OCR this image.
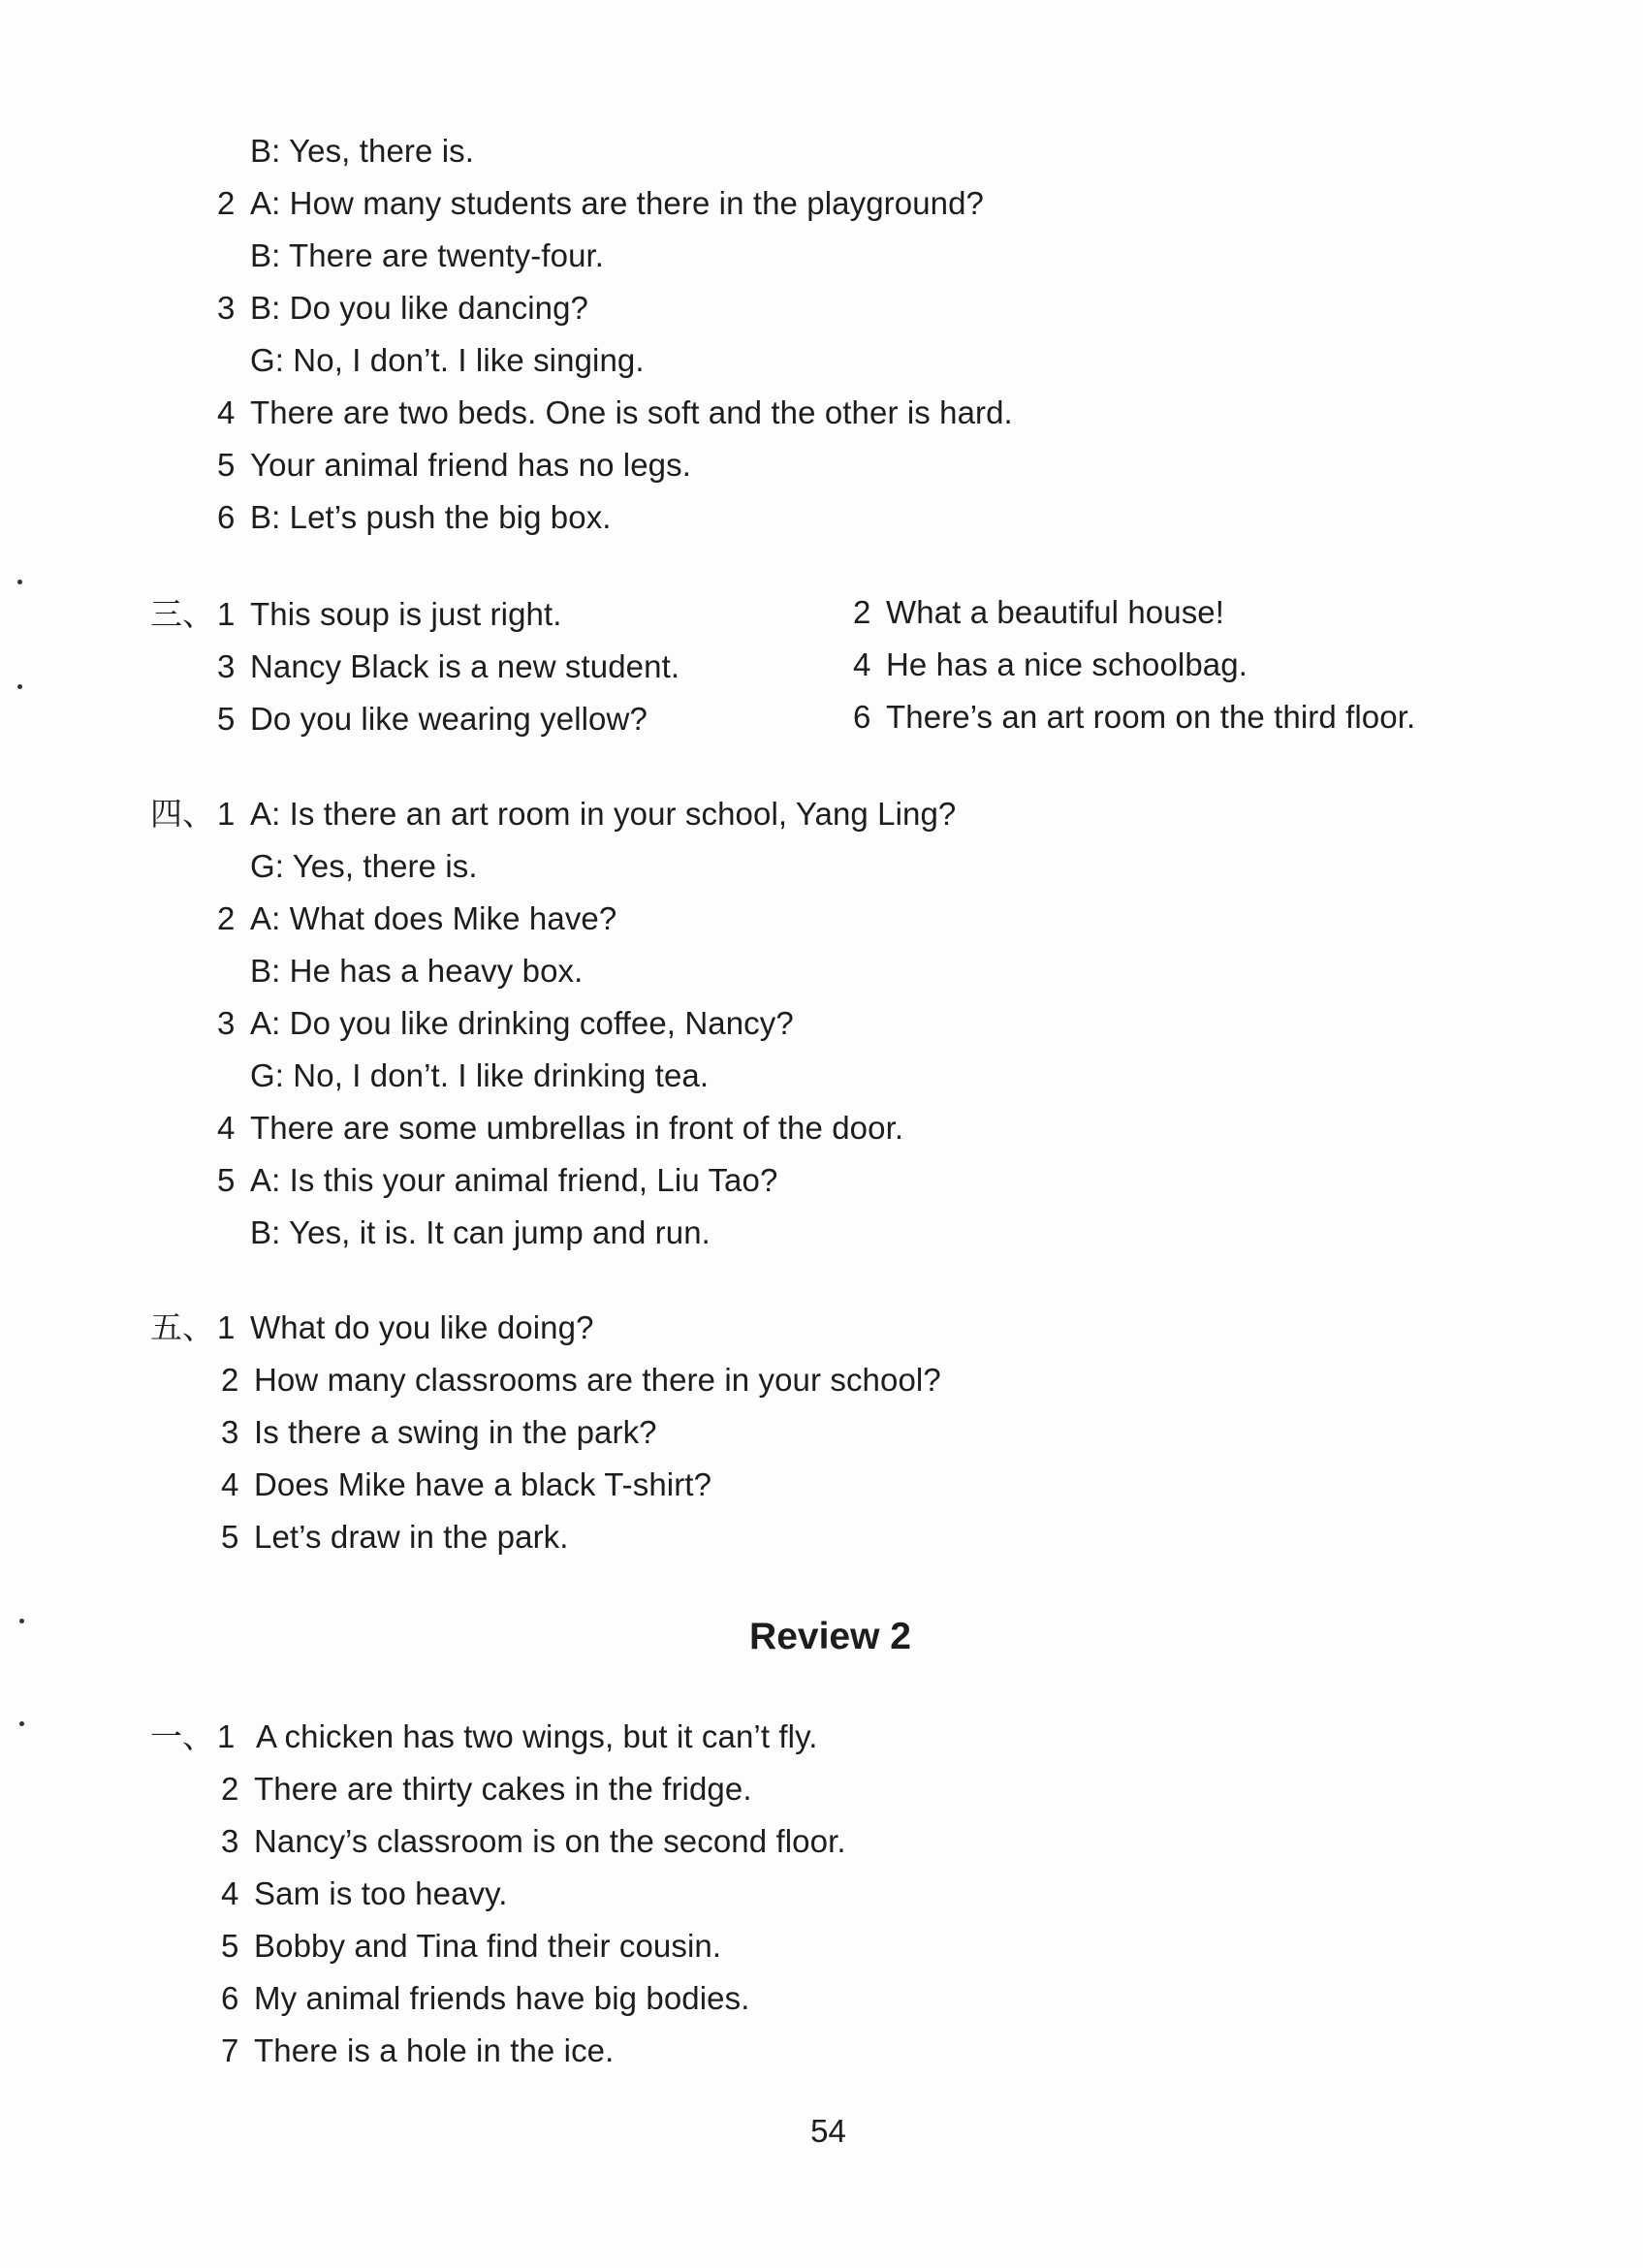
B: Yes, there is.
2 A: How many students are there in the playground?
B: There are twenty-four.
3 B: Do you like dancing?
G: No, I don’t. I like singing.
4 There are two beds. One is soft and the other is hard.
5 Your animal friend has no legs.
6 B: Let’s push the big box.
三、 1 This soup is just right.
3 Nancy Black is a new student.
5 Do you like wearing yellow?
2 What a beautiful house!
4 He has a nice schoolbag.
6 There’s an art room on the third floor.
四、 1 A: Is there an art room in your school, Yang Ling?
G: Yes, there is.
2 A: What does Mike have?
B: He has a heavy box.
3 A: Do you like drinking coffee, Nancy?
G: No, I don’t. I like drinking tea.
4 There are some umbrellas in front of the door.
5 A: Is this your animal friend, Liu Tao?
B: Yes, it is. It can jump and run.
五、 1 What do you like doing?
2 How many classrooms are there in your school?
3 Is there a swing in the park?
4 Does Mike have a black T-shirt?
5 Let’s draw in the park.
Review 2
一、 1 A chicken has two wings, but it can’t fly.
2 There are thirty cakes in the fridge.
3 Nancy’s classroom is on the second floor.
4 Sam is too heavy.
5 Bobby and Tina find their cousin.
6 My animal friends have big bodies.
7 There is a hole in the ice.
54
